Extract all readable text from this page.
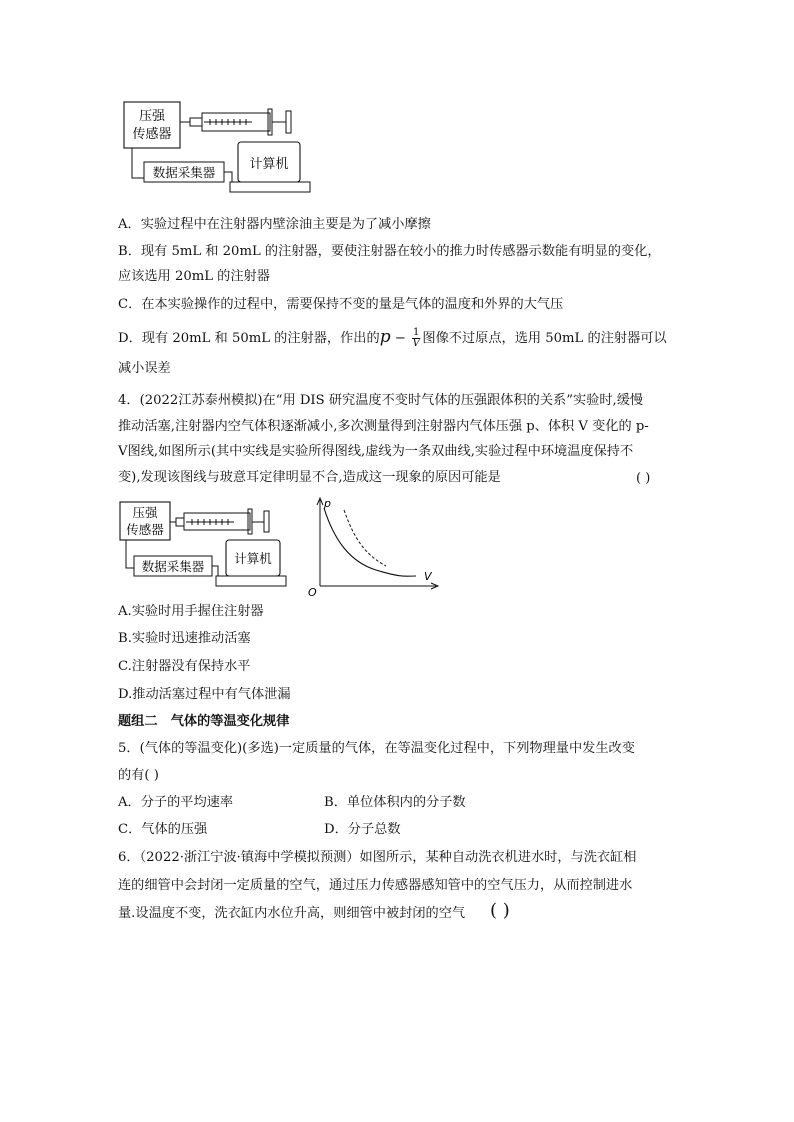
压强
传感器
数据采集器
计算机
A．实验过程中在注射器内壁涂油主要是为了减小摩擦
B．现有 5mL 和 20mL 的注射器，要使注射器在较小的推力时传感器示数能有明显的变化，
应该选用 20mL 的注射器
C．在本实验操作的过程中，需要保持不变的量是气体的温度和外界的大气压
D．现有 20mL 和 50mL 的注射器，作出的$p - \frac{1}{V}$ 图像不过原点，选用 50mL 的注射器可以
减小误差
4．(2022江苏泰州模拟)在“用 DIS 研究温度不变时气体的压强跟体积的关系”实验时,缓慢
推动活塞,注射器内空气体积逐渐减小,多次测量得到注射器内气体压强 p、体积 V 变化的 p-
V图线,如图所示(其中实线是实验所得图线,虚线为一条双曲线,实验过程中环境温度保持不
变),发现该图线与玻意耳定律明显不合,造成这一现象的原因可能是	( )
压强
传感器
数据采集器
计算机
p
V
O
A.实验时用手握住注射器
B.实验时迅速推动活塞
C.注射器没有保持水平
D.推动活塞过程中有气体泄漏
题组二　气体的等温变化规律
5．(气体的等温变化)(多选)一定质量的气体，在等温变化过程中，下列物理量中发生改变
的有( )
A．分子的平均速率	B．单位体积内的分子数
C．气体的压强	D．分子总数
6．（2022·浙江宁波·镇海中学模拟预测）如图所示，某种自动洗衣机进水时，与洗衣缸相
连的细管中会封闭一定质量的空气，通过压力传感器感知管中的空气压力，从而控制进水
量.设温度不变，洗衣缸内水位升高，则细管中被封闭的空气 ( )
